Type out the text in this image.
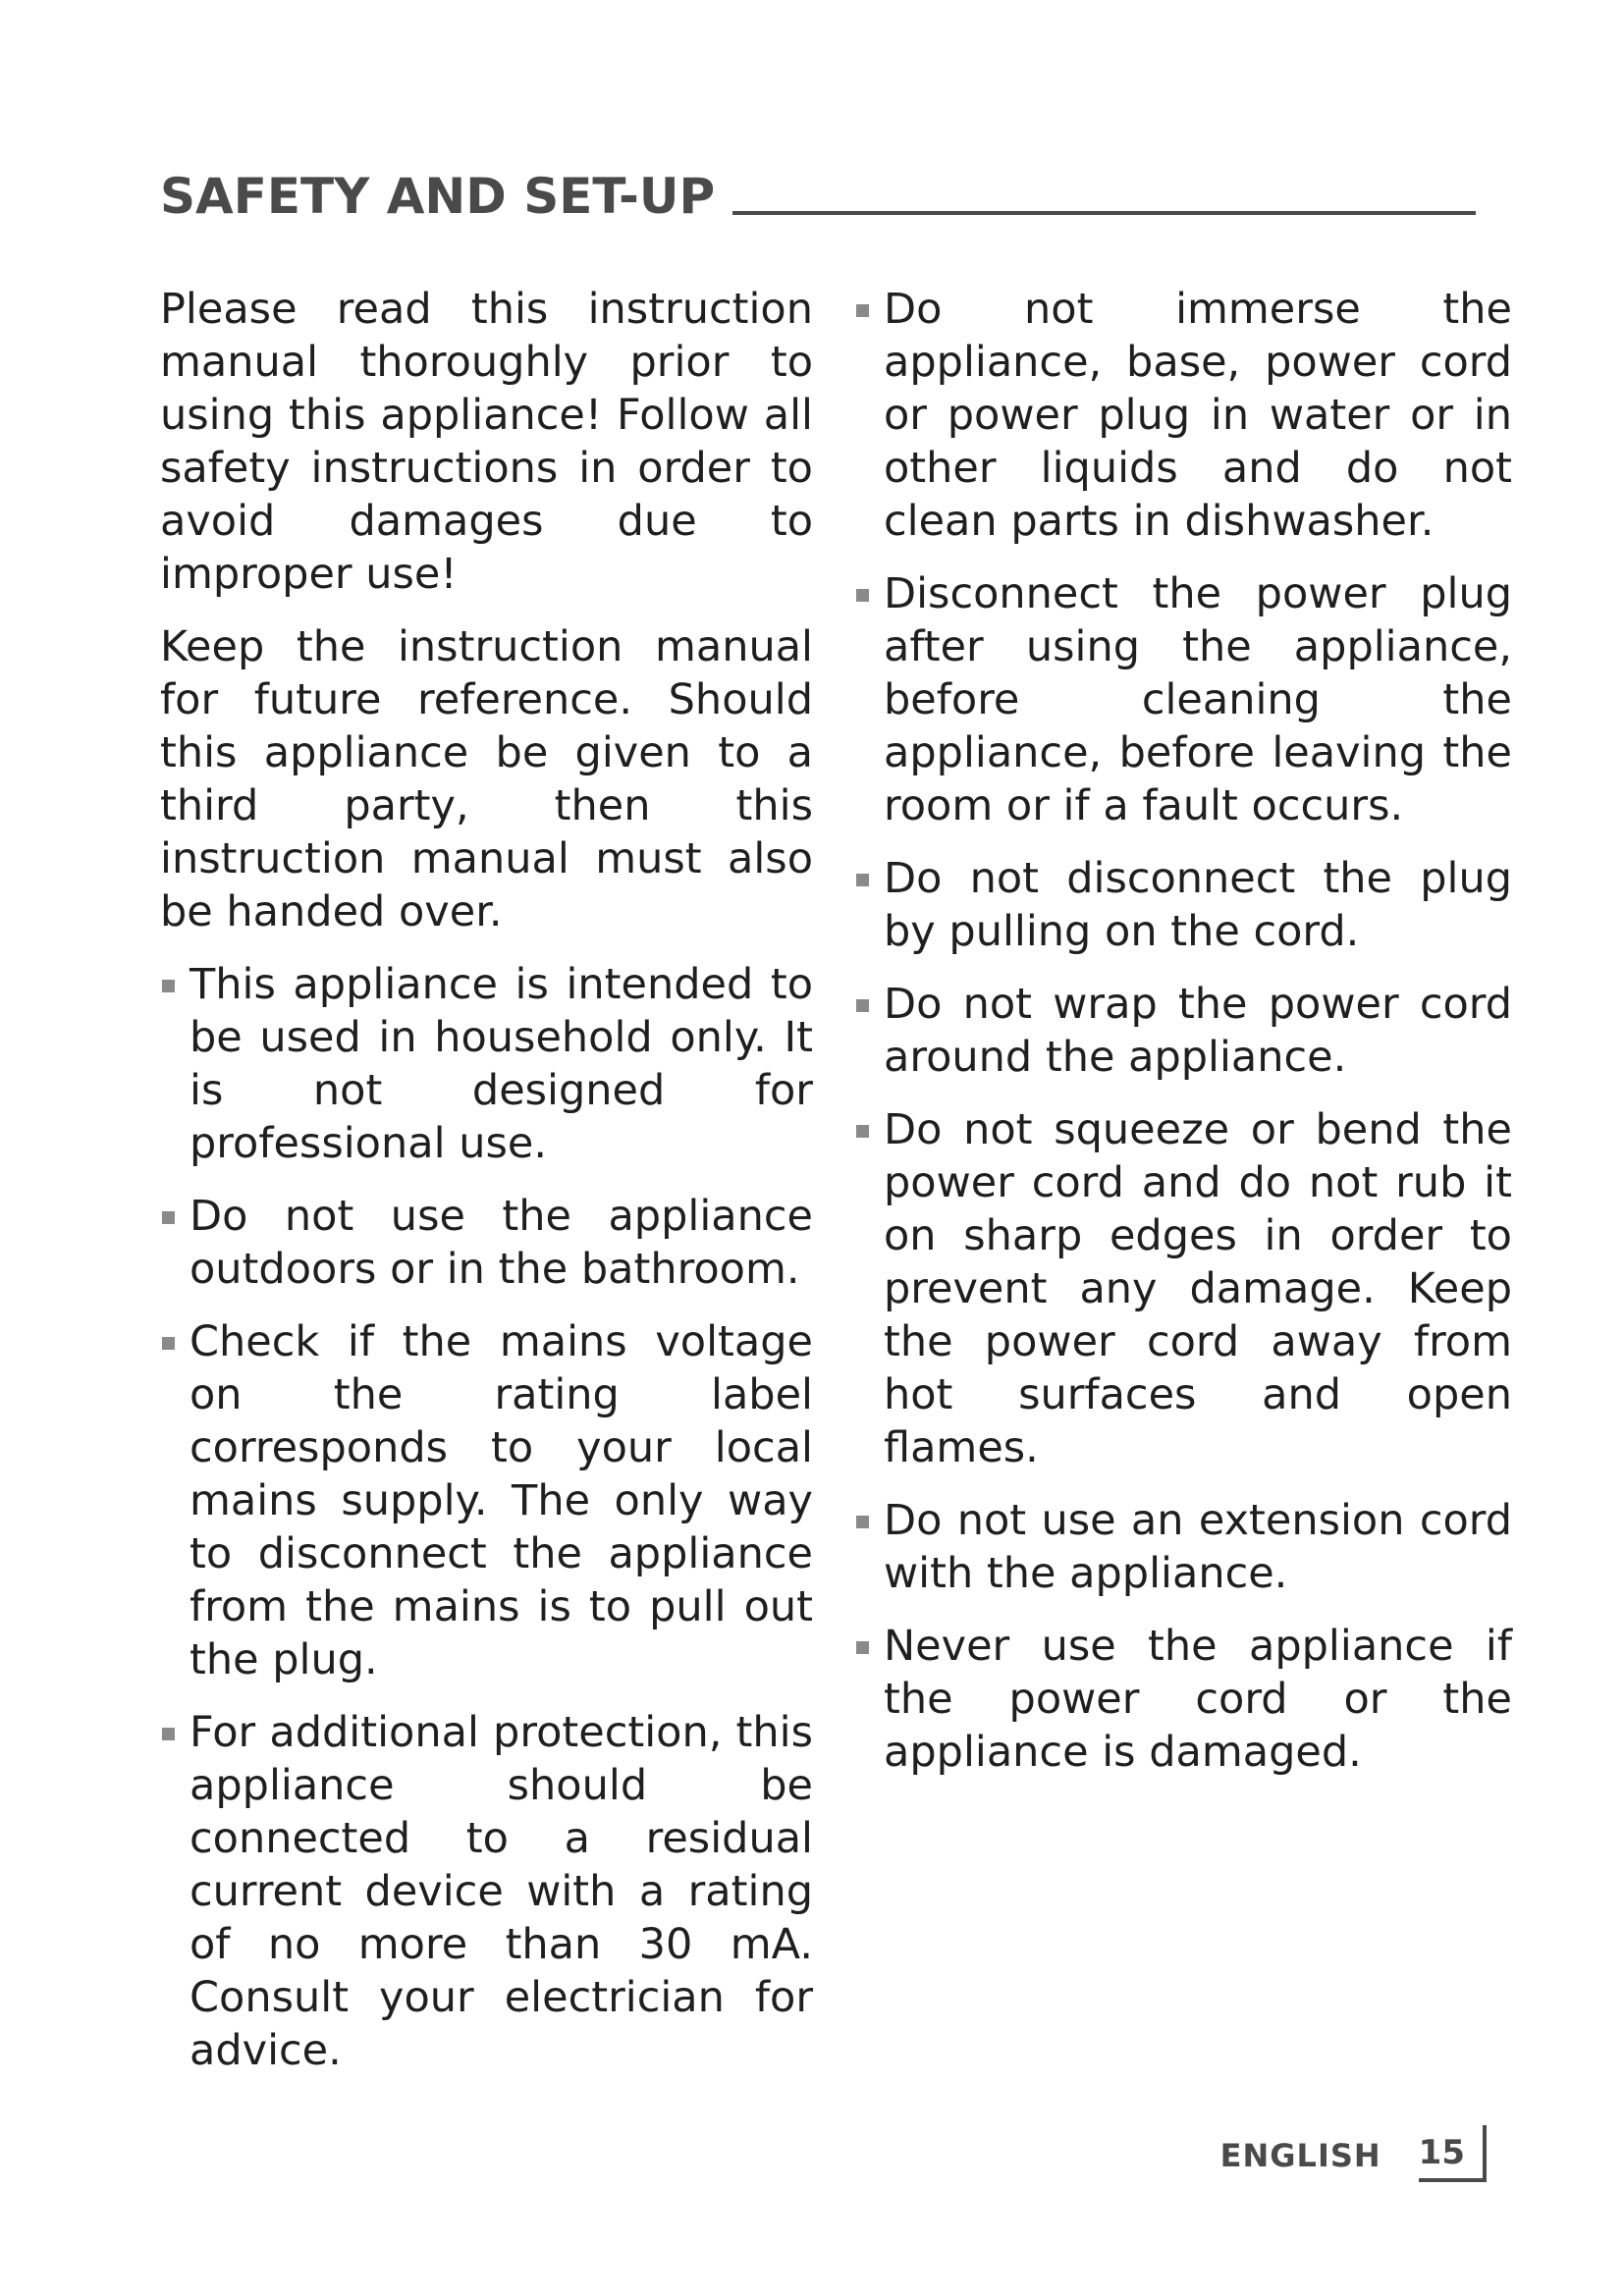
SAFETY AND SET-UP

Please read this instruction manual thoroughly prior to using this appliance! Follow all safety instructions in order to avoid damages due to improper use!

Keep the instruction manual for future reference. Should this appliance be given to a third party, then this instruction manual must also be handed over.

This appliance is intended to be used in household only. It is not designed for professional use.
Do not use the appliance outdoors or in the bathroom.
Check if the mains voltage on the rating label corresponds to your local mains supply. The only way to disconnect the appliance from the mains is to pull out the plug.
For additional protection, this appliance should be connected to a residual current device with a rating of no more than 30 mA. Consult your electrician for advice.
Do not immerse the appliance, base, power cord or power plug in water or in other liquids and do not clean parts in dishwasher.
Disconnect the power plug after using the appliance, before cleaning the appliance, before leaving the room or if a fault occurs.
Do not disconnect the plug by pulling on the cord.
Do not wrap the power cord around the appliance.
Do not squeeze or bend the power cord and do not rub it on sharp edges in order to prevent any damage. Keep the power cord away from hot surfaces and open flames.
Do not use an extension cord with the appliance.
Never use the appliance if the power cord or the appliance is damaged.
ENGLISH 15
